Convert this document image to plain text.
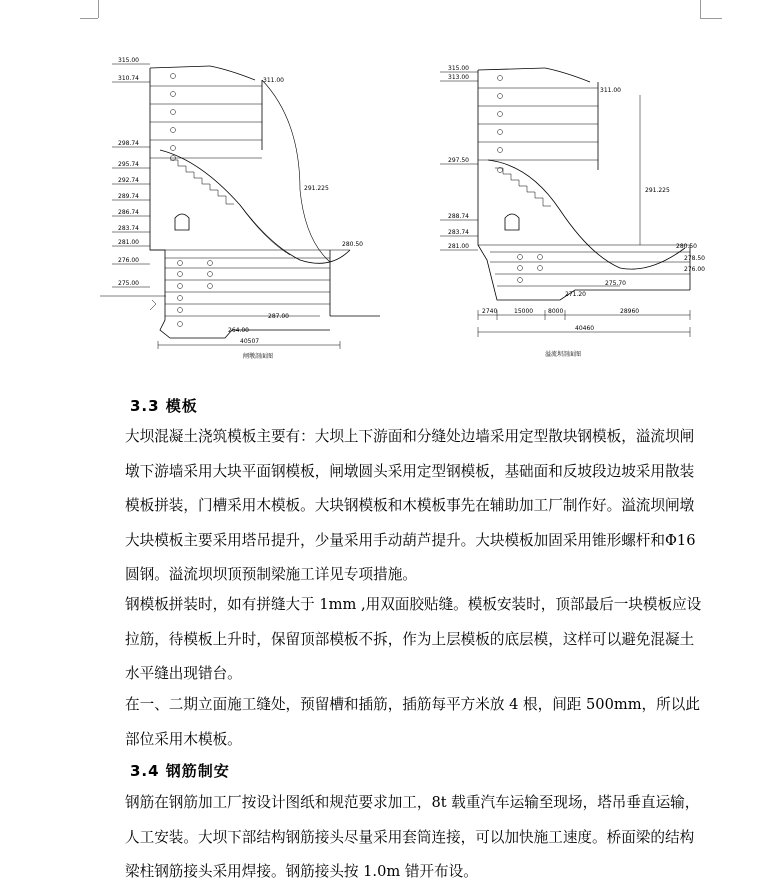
315.00
310.74
298.74
295.74
292.74
289.74
286.74
283.74
281.00
276.00
275.00
311.00
291.225
280.50
287.00
264.00
40507
闸墩剖面图
315.00
313.00
297.50
288.74
283.74
281.00
311.00
291.225
280.50
278.50
276.00
275.70
271.20
2740	15000 8000	28960
40460
溢流坝剖面图
3.3 模板

大坝混凝土浇筑模板主要有：大坝上下游面和分缝处边墙采用定型散块钢模板，溢流坝闸墩下游墙采用大块平面钢模板，闸墩圆头采用定型钢模板，基础面和反坡段边坡采用散装模板拼装，门槽采用木模板。大块钢模板和木模板事先在辅助加工厂制作好。溢流坝闸墩大块模板主要采用塔吊提升，少量采用手动葫芦提升。大块模板加固采用锥形螺杆和Φ16圆钢。溢流坝坝顶预制梁施工详见专项措施。

钢模板拼装时，如有拼缝大于 1mm ,用双面胶贴缝。模板安装时，顶部最后一块模板应设拉筋，待模板上升时，保留顶部模板不拆，作为上层模板的底层模，这样可以避免混凝土水平缝出现错台。

在一、二期立面施工缝处，预留槽和插筋，插筋每平方米放 4 根，间距 500mm，所以此部位采用木模板。

3.4 钢筋制安

钢筋在钢筋加工厂按设计图纸和规范要求加工，8t 载重汽车运输至现场，塔吊垂直运输，人工安装。大坝下部结构钢筋接头尽量采用套筒连接，可以加快施工速度。桥面梁的结构梁柱钢筋接头采用焊接。钢筋接头按 1.0m 错开布设。
